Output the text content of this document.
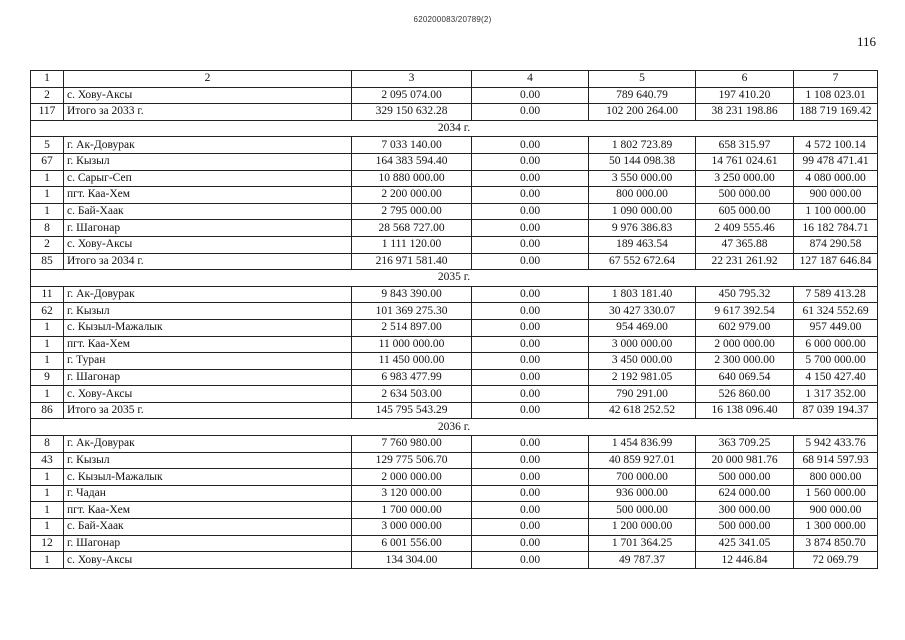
620200083/20789(2)
116
1	2	3	4	5	6	7
2	с. Хову-Аксы	2 095 074.00	0.00	789 640.79	197 410.20	1 108 023.01
117	Итого за 2033 г.	329 150 632.28	0.00	102 200 264.00	38 231 198.86	188 719 169.42
2034 г.						
5	г. Ак-Довурак	7 033 140.00	0.00	1 802 723.89	658 315.97	4 572 100.14
67	г. Кызыл	164 383 594.40	0.00	50 144 098.38	14 761 024.61	99 478 471.41
1	с. Сарыг-Сеп	10 880 000.00	0.00	3 550 000.00	3 250 000.00	4 080 000.00
1	пгт. Каа-Хем	2 200 000.00	0.00	800 000.00	500 000.00	900 000.00
1	с. Бай-Хаак	2 795 000.00	0.00	1 090 000.00	605 000.00	1 100 000.00
8	г. Шагонар	28 568 727.00	0.00	9 976 386.83	2 409 555.46	16 182 784.71
2	с. Хову-Аксы	1 111 120.00	0.00	189 463.54	47 365.88	874 290.58
85	Итого за 2034 г.	216 971 581.40	0.00	67 552 672.64	22 231 261.92	127 187 646.84
2035 г.						
11	г. Ак-Довурак	9 843 390.00	0.00	1 803 181.40	450 795.32	7 589 413.28
62	г. Кызыл	101 369 275.30	0.00	30 427 330.07	9 617 392.54	61 324 552.69
1	с. Кызыл-Мажалык	2 514 897.00	0.00	954 469.00	602 979.00	957 449.00
1	пгт. Каа-Хем	11 000 000.00	0.00	3 000 000.00	2 000 000.00	6 000 000.00
1	г. Туран	11 450 000.00	0.00	3 450 000.00	2 300 000.00	5 700 000.00
9	г. Шагонар	6 983 477.99	0.00	2 192 981.05	640 069.54	4 150 427.40
1	с. Хову-Аксы	2 634 503.00	0.00	790 291.00	526 860.00	1 317 352.00
86	Итого за 2035 г.	145 795 543.29	0.00	42 618 252.52	16 138 096.40	87 039 194.37
2036 г.						
8	г. Ак-Довурак	7 760 980.00	0.00	1 454 836.99	363 709.25	5 942 433.76
43	г. Кызыл	129 775 506.70	0.00	40 859 927.01	20 000 981.76	68 914 597.93
1	с. Кызыл-Мажалык	2 000 000.00	0.00	700 000.00	500 000.00	800 000.00
1	г. Чадан	3 120 000.00	0.00	936 000.00	624 000.00	1 560 000.00
1	пгт. Каа-Хем	1 700 000.00	0.00	500 000.00	300 000.00	900 000.00
1	с. Бай-Хаак	3 000 000.00	0.00	1 200 000.00	500 000.00	1 300 000.00
12	г. Шагонар	6 001 556.00	0.00	1 701 364.25	425 341.05	3 874 850.70
1	с. Хову-Аксы	134 304.00	0.00	49 787.37	12 446.84	72 069.79
